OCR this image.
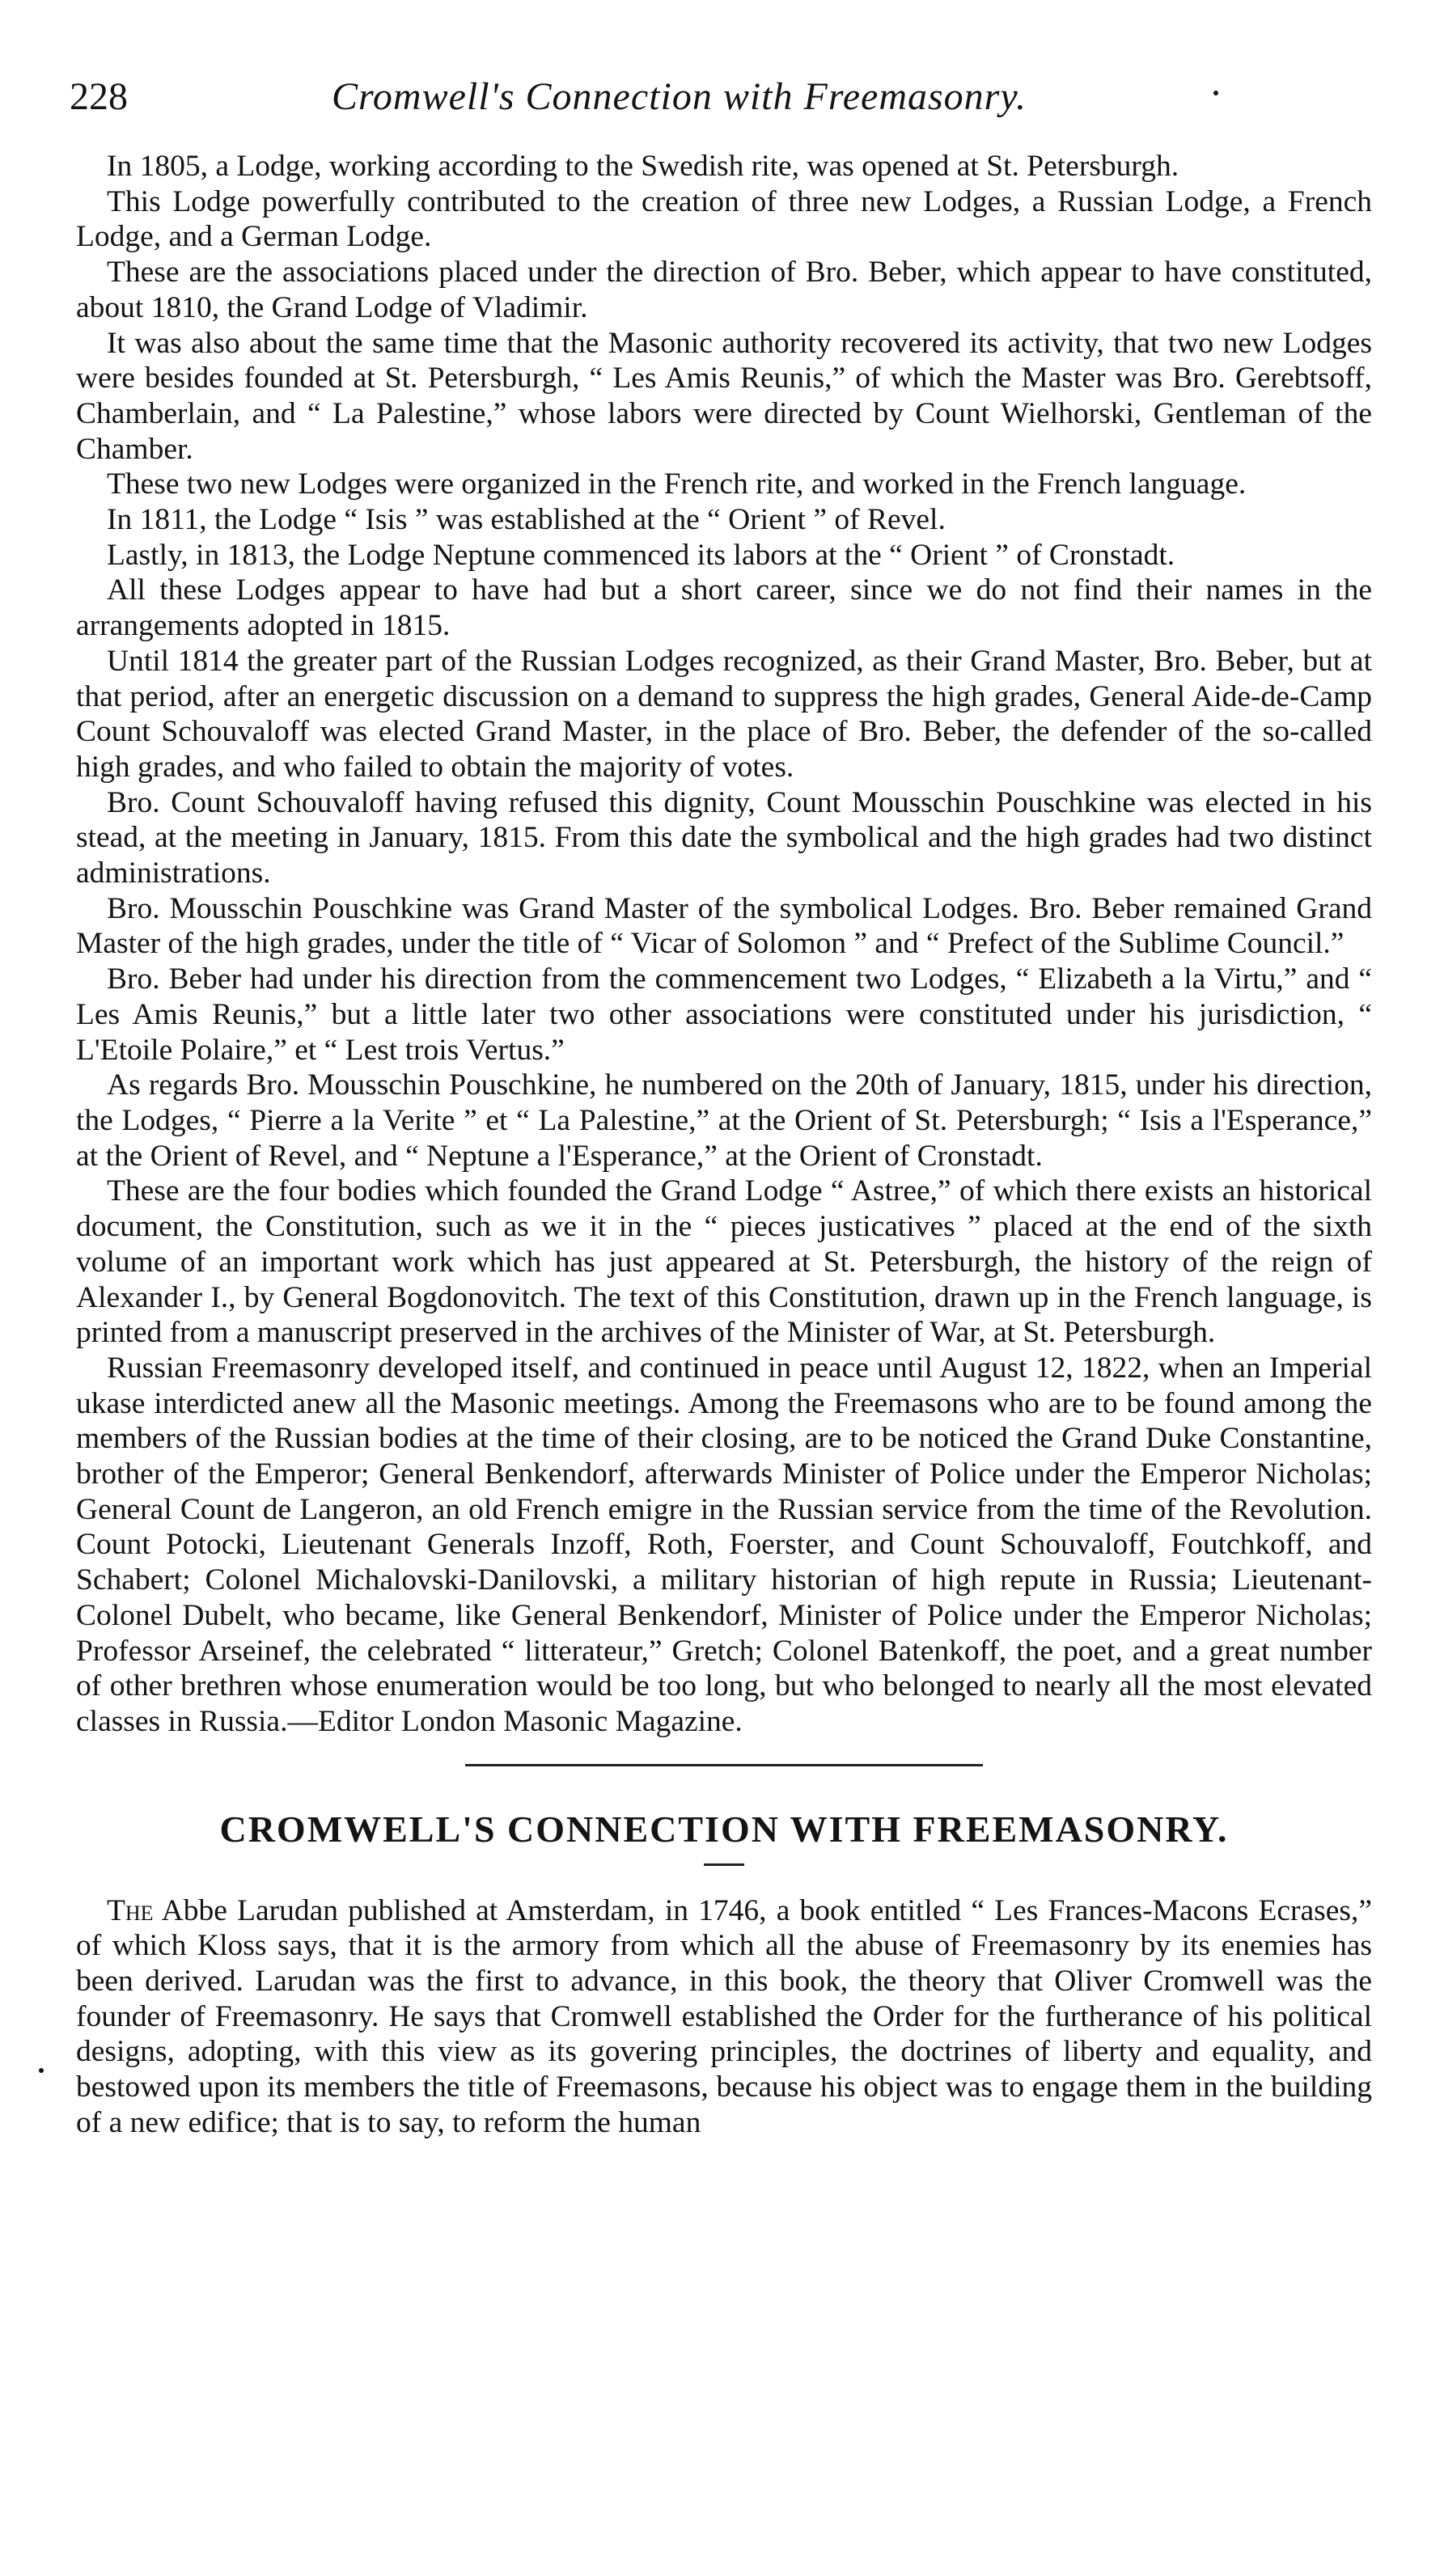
228	Cromwell's Connection with Freemasonry.

In 1805, a Lodge, working according to the Swedish rite, was opened at St. Petersburgh.

This Lodge powerfully contributed to the creation of three new Lodges, a Russian Lodge, a French Lodge, and a German Lodge.

These are the associations placed under the direction of Bro. Beber, which appear to have constituted, about 1810, the Grand Lodge of Vladimir.

It was also about the same time that the Masonic authority recovered its activity, that two new Lodges were besides founded at St. Petersburgh, “ Les Amis Reunis,” of which the Master was Bro. Gerebtsoff, Chamberlain, and “ La Palestine,” whose labors were directed by Count Wielhorski, Gentleman of the Chamber.

These two new Lodges were organized in the French rite, and worked in the French language.

In 1811, the Lodge “ Isis ” was established at the “ Orient ” of Revel.

Lastly, in 1813, the Lodge Neptune commenced its labors at the “ Orient ” of Cronstadt.

All these Lodges appear to have had but a short career, since we do not find their names in the arrangements adopted in 1815.

Until 1814 the greater part of the Russian Lodges recognized, as their Grand Master, Bro. Beber, but at that period, after an energetic discussion on a demand to suppress the high grades, General Aide-de-Camp Count Schouvaloff was elected Grand Master, in the place of Bro. Beber, the defender of the so-called high grades, and who failed to obtain the majority of votes.

Bro. Count Schouvaloff having refused this dignity, Count Mousschin Pouschkine was elected in his stead, at the meeting in January, 1815. From this date the symbolical and the high grades had two distinct administrations.

Bro. Mousschin Pouschkine was Grand Master of the symbolical Lodges. Bro. Beber remained Grand Master of the high grades, under the title of “ Vicar of Solomon ” and “ Prefect of the Sublime Council.”

Bro. Beber had under his direction from the commencement two Lodges, “ Elizabeth a la Virtu,” and “ Les Amis Reunis,” but a little later two other associations were constituted under his jurisdiction, “ L'Etoile Polaire,” et “ Lest trois Vertus.”

As regards Bro. Mousschin Pouschkine, he numbered on the 20th of January, 1815, under his direction, the Lodges, “ Pierre a la Verite ” et “ La Palestine,” at the Orient of St. Petersburgh; “ Isis a l'Esperance,” at the Orient of Revel, and “ Neptune a l'Esperance,” at the Orient of Cronstadt.

These are the four bodies which founded the Grand Lodge “ Astree,” of which there exists an historical document, the Constitution, such as we it in the “ pieces justicatives ” placed at the end of the sixth volume of an important work which has just appeared at St. Petersburgh, the history of the reign of Alexander I., by General Bogdonovitch. The text of this Constitution, drawn up in the French language, is printed from a manuscript preserved in the archives of the Minister of War, at St. Petersburgh.

Russian Freemasonry developed itself, and continued in peace until August 12, 1822, when an Imperial ukase interdicted anew all the Masonic meetings. Among the Freemasons who are to be found among the members of the Russian bodies at the time of their closing, are to be noticed the Grand Duke Constantine, brother of the Emperor; General Benkendorf, afterwards Minister of Police under the Emperor Nicholas; General Count de Langeron, an old French emigre in the Russian service from the time of the Revolution. Count Potocki, Lieutenant Generals Inzoff, Roth, Foerster, and Count Schouvaloff, Foutchkoff, and Schabert; Colonel Michalovski-Danilovski, a military historian of high repute in Russia; Lieutenant-Colonel Dubelt, who became, like General Benkendorf, Minister of Police under the Emperor Nicholas; Professor Arseinef, the celebrated “ litterateur,” Gretch; Colonel Batenkoff, the poet, and a great number of other brethren whose enumeration would be too long, but who belonged to nearly all the most elevated classes in Russia.—Editor London Masonic Magazine.

CROMWELL'S CONNECTION WITH FREEMASONRY.

The Abbe Larudan published at Amsterdam, in 1746, a book entitled “ Les Frances-Macons Ecrases,” of which Kloss says, that it is the armory from which all the abuse of Freemasonry by its enemies has been derived. Larudan was the first to advance, in this book, the theory that Oliver Cromwell was the founder of Freemasonry. He says that Cromwell established the Order for the furtherance of his political designs, adopting, with this view as its govering principles, the doctrines of liberty and equality, and bestowed upon its members the title of Freemasons, because his object was to engage them in the building of a new edifice; that is to say, to reform the human
